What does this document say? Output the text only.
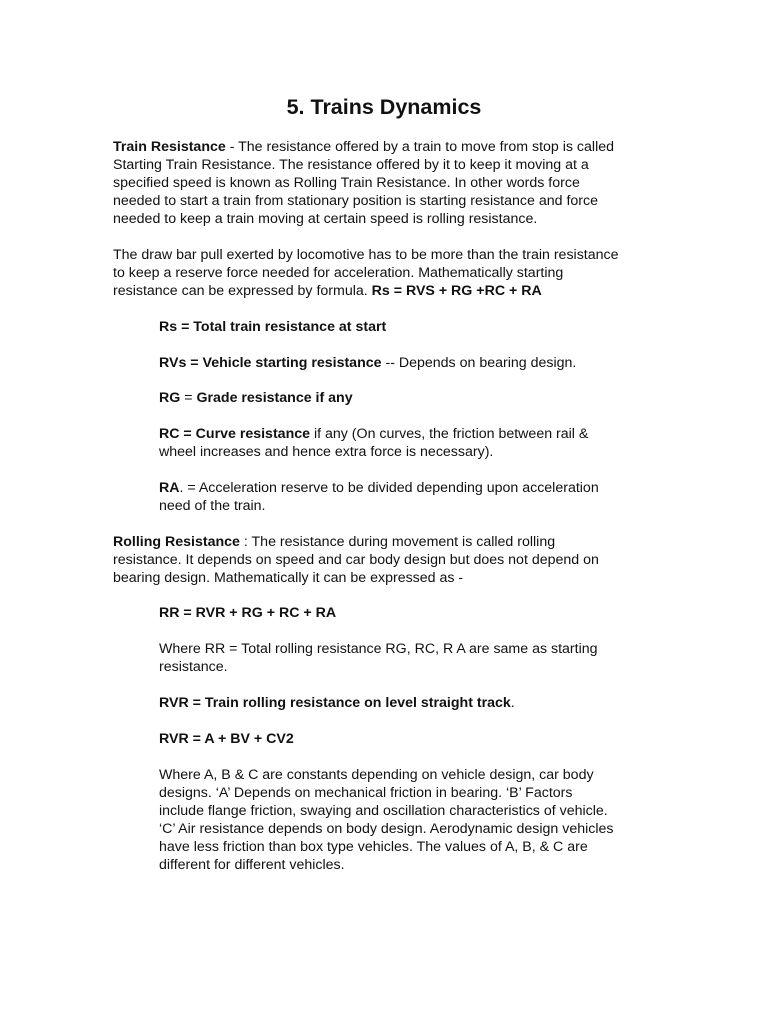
5. Trains Dynamics

Train Resistance - The resistance offered by a train to move from stop is called
Starting Train Resistance. The resistance offered by it to keep it moving at a
specified speed is known as Rolling Train Resistance. In other words force
needed to start a train from stationary position is starting resistance and force
needed to keep a train moving at certain speed is rolling resistance.

The draw bar pull exerted by locomotive has to be more than the train resistance
to keep a reserve force needed for acceleration. Mathematically starting
resistance can be expressed by formula. Rs = RVS + RG +RC + RA

Rs = Total train resistance at start

RVs = Vehicle starting resistance -- Depends on bearing design.

RG = Grade resistance if any

RC = Curve resistance if any (On curves, the friction between rail &
wheel increases and hence extra force is necessary).

RA. = Acceleration reserve to be divided depending upon acceleration
need of the train.

Rolling Resistance : The resistance during movement is called rolling
resistance. It depends on speed and car body design but does not depend on
bearing design. Mathematically it can be expressed as -

RR = RVR + RG + RC + RA

Where RR = Total rolling resistance RG, RC, R A are same as starting
resistance.

RVR = Train rolling resistance on level straight track.

RVR = A + BV + CV2

Where A, B & C are constants depending on vehicle design, car body
designs. ‘A’ Depends on mechanical friction in bearing. ‘B’ Factors
include flange friction, swaying and oscillation characteristics of vehicle.
‘C’ Air resistance depends on body design. Aerodynamic design vehicles
have less friction than box type vehicles. The values of A, B, & C are
different for different vehicles.
